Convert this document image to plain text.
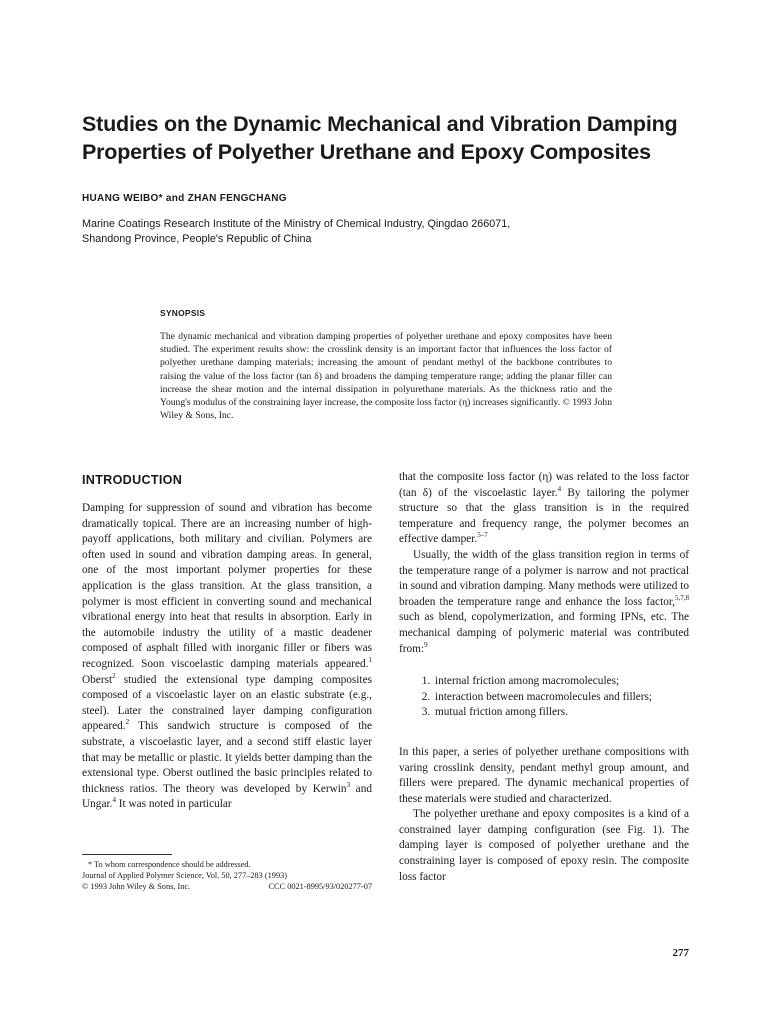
Studies on the Dynamic Mechanical and Vibration Damping Properties of Polyether Urethane and Epoxy Composites
HUANG WEIBO* and ZHAN FENGCHANG
Marine Coatings Research Institute of the Ministry of Chemical Industry, Qingdao 266071,
Shandong Province, People's Republic of China
SYNOPSIS

The dynamic mechanical and vibration damping properties of polyether urethane and epoxy composites have been studied. The experiment results show: the crosslink density is an important factor that influences the loss factor of polyether urethane damping materials; increasing the amount of pendant methyl of the backbone contributes to raising the value of the loss factor (tan δ) and broadens the damping temperature range; adding the planar filler can increase the shear motion and the internal dissipation in polyurethane materials. As the thickness ratio and the Young's modulus of the constraining layer increase, the composite loss factor (η) increases significantly. © 1993 John Wiley & Sons, Inc.

INTRODUCTION

Damping for suppression of sound and vibration has become dramatically topical. There are an increasing number of high-payoff applications, both military and civilian. Polymers are often used in sound and vibration damping areas. In general, one of the most important polymer properties for these application is the glass transition. At the glass transition, a polymer is most efficient in converting sound and mechanical vibrational energy into heat that results in absorption. Early in the automobile industry the utility of a mastic deadener composed of asphalt filled with inorganic filler or fibers was recognized. Soon viscoelastic damping materials appeared.$^1$ Oberst$^2$ studied the extensional type damping composites composed of a viscoelastic layer on an elastic substrate (e.g., steel). Later the constrained layer damping configuration appeared.$^2$ This sandwich structure is composed of the substrate, a viscoelastic layer, and a second stiff elastic layer that may be metallic or plastic. It yields better damping than the extensional type. Oberst outlined the basic principles related to thickness ratios. The theory was developed by Kerwin$^3$ and Ungar.$^4$ It was noted in particular

that the composite loss factor (η) was related to the loss factor (tan δ) of the viscoelastic layer.$^4$ By tailoring the polymer structure so that the glass transition is in the required temperature and frequency range, the polymer becomes an effective damper.$^{5-7}$

Usually, the width of the glass transition region in terms of the temperature range of a polymer is narrow and not practical in sound and vibration damping. Many methods were utilized to broaden the temperature range and enhance the loss factor,$^{5,7,8}$ such as blend, copolymerization, and forming IPNs, etc. The mechanical damping of polymeric material was contributed from:$^9$

1. internal friction among macromolecules;
2. interaction between macromolecules and fillers;
3. mutual friction among fillers.

In this paper, a series of polyether urethane compositions with varing crosslink density, pendant methyl group amount, and fillers were prepared. The dynamic mechanical properties of these materials were studied and characterized.

The polyether urethane and epoxy composites is a kind of a constrained layer damping configuration (see Fig. 1). The damping layer is composed of polyether urethane and the constraining layer is composed of epoxy resin. The composite loss factor

* To whom correspondence should be addressed.
Journal of Applied Polymer Science, Vol. 50, 277–283 (1993)
© 1993 John Wiley & Sons, Inc.	CCC 0021-8995/93/020277-07
277
